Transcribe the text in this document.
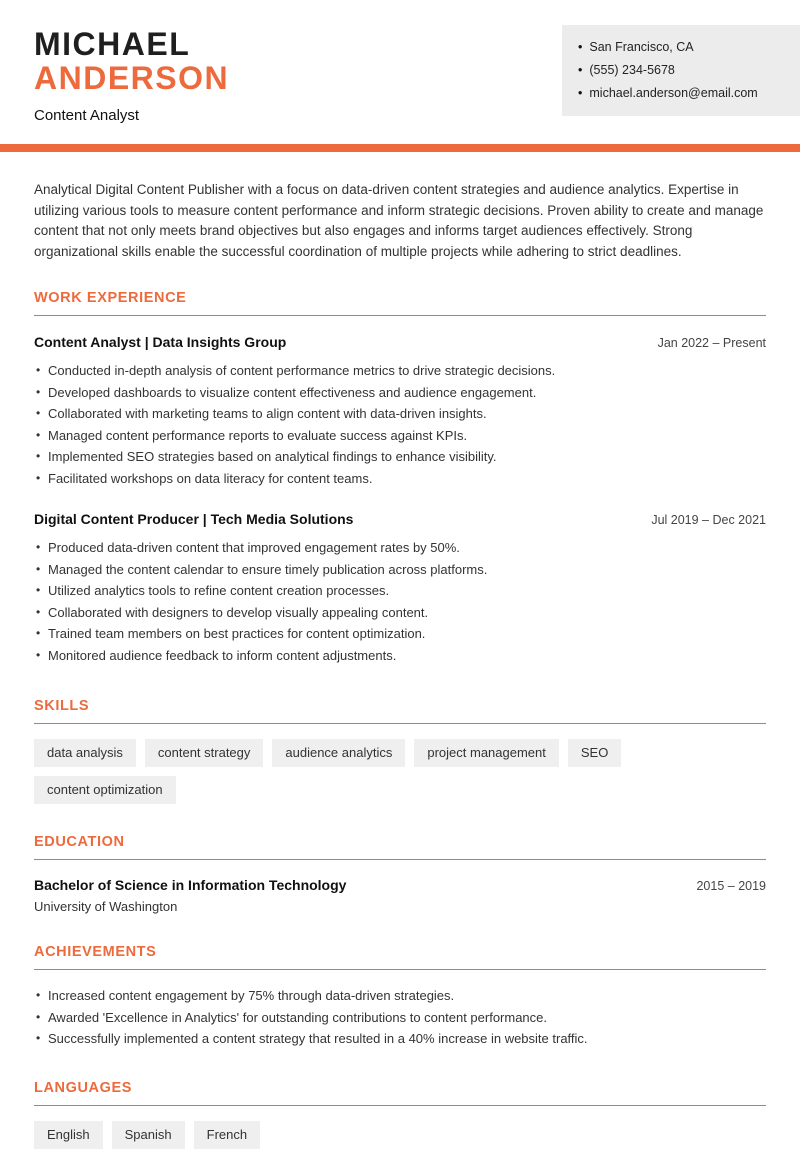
MICHAEL
ANDERSON
Content Analyst
• San Francisco, CA
• (555) 234-5678
• michael.anderson@email.com

Analytical Digital Content Publisher with a focus on data-driven content strategies and audience analytics. Expertise in utilizing various tools to measure content performance and inform strategic decisions. Proven ability to create and manage content that not only meets brand objectives but also engages and informs target audiences effectively. Strong organizational skills enable the successful coordination of multiple projects while adhering to strict deadlines.

WORK EXPERIENCE
Content Analyst | Data Insights Group	Jan 2022 – Present
• Conducted in-depth analysis of content performance metrics to drive strategic decisions.
• Developed dashboards to visualize content effectiveness and audience engagement.
• Collaborated with marketing teams to align content with data-driven insights.
• Managed content performance reports to evaluate success against KPIs.
• Implemented SEO strategies based on analytical findings to enhance visibility.
• Facilitated workshops on data literacy for content teams.
Digital Content Producer | Tech Media Solutions	Jul 2019 – Dec 2021
• Produced data-driven content that improved engagement rates by 50%.
• Managed the content calendar to ensure timely publication across platforms.
• Utilized analytics tools to refine content creation processes.
• Collaborated with designers to develop visually appealing content.
• Trained team members on best practices for content optimization.
• Monitored audience feedback to inform content adjustments.
SKILLS
data analysis	content strategy	audience analytics	project management	SEO
content optimization
EDUCATION
Bachelor of Science in Information Technology	2015 – 2019
University of Washington
ACHIEVEMENTS
• Increased content engagement by 75% through data-driven strategies.
• Awarded 'Excellence in Analytics' for outstanding contributions to content performance.
• Successfully implemented a content strategy that resulted in a 40% increase in website traffic.
LANGUAGES
English	Spanish	French
